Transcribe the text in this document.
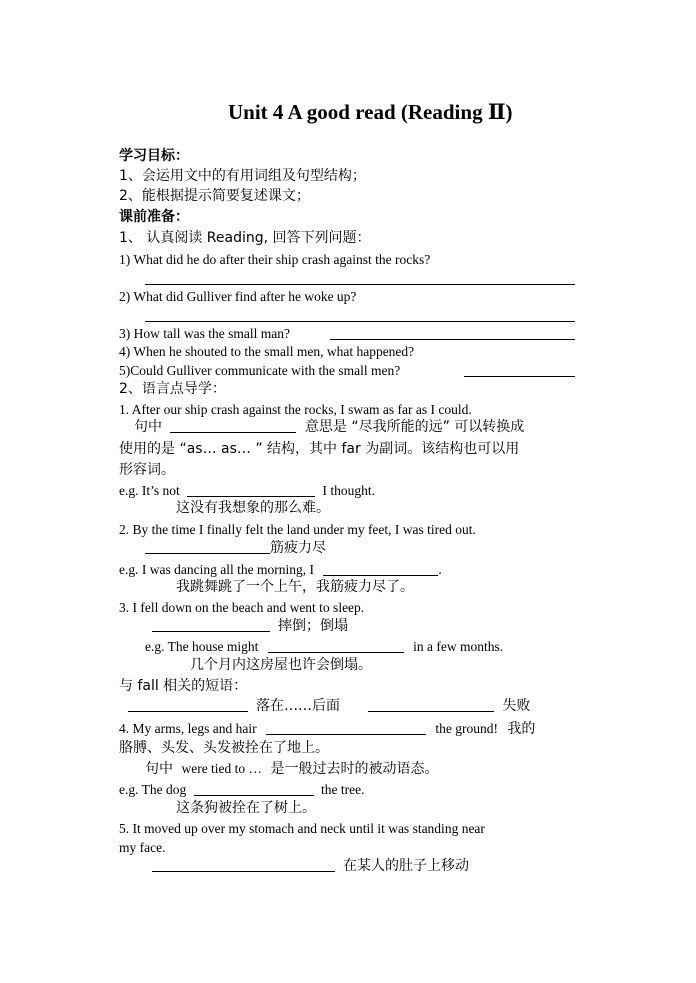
Unit 4 A good read (Reading Ⅱ)
学习目标：
1、会运用文中的有用词组及句型结构；
2、能根据提示简要复述课文；
课前准备：
1、 认真阅读 Reading, 回答下列问题：
1) What did he do after their ship crash against the rocks?
2) What did Gulliver find after he woke up?
3) How tall was the small man?
4) When he shouted to the small men, what happened?
5)Could Gulliver communicate with the small men?
2、语言点导学：
1. After our ship crash against the rocks, I swam as far as I could.
句中	意思是 “尽我所能的远” 可以转换成
使用的是 “as… as… ” 结构，其中 far 为副词。该结构也可以用
形容词。
e.g. It’s not	I thought.
这没有我想象的那么难。
2. By the time I finally felt the land under my feet, I was tired out.
筋疲力尽
e.g. I was dancing all the morning, I	.
我跳舞跳了一个上午，我筋疲力尽了。
3. I fell down on the beach and went to sleep.
摔倒；倒塌
e.g. The house might	in a few months.
几个月内这房屋也许会倒塌。
与 fall 相关的短语：
落在……后面	失败
4. My arms, legs and hair	the ground! 我的
胳膊、头发、头发被拴在了地上。
句中 were tied to … 是一般过去时的被动语态。
e.g. The dog	the tree.
这条狗被拴在了树上。
5. It moved up over my stomach and neck until it was standing near
my face.
在某人的肚子上移动
